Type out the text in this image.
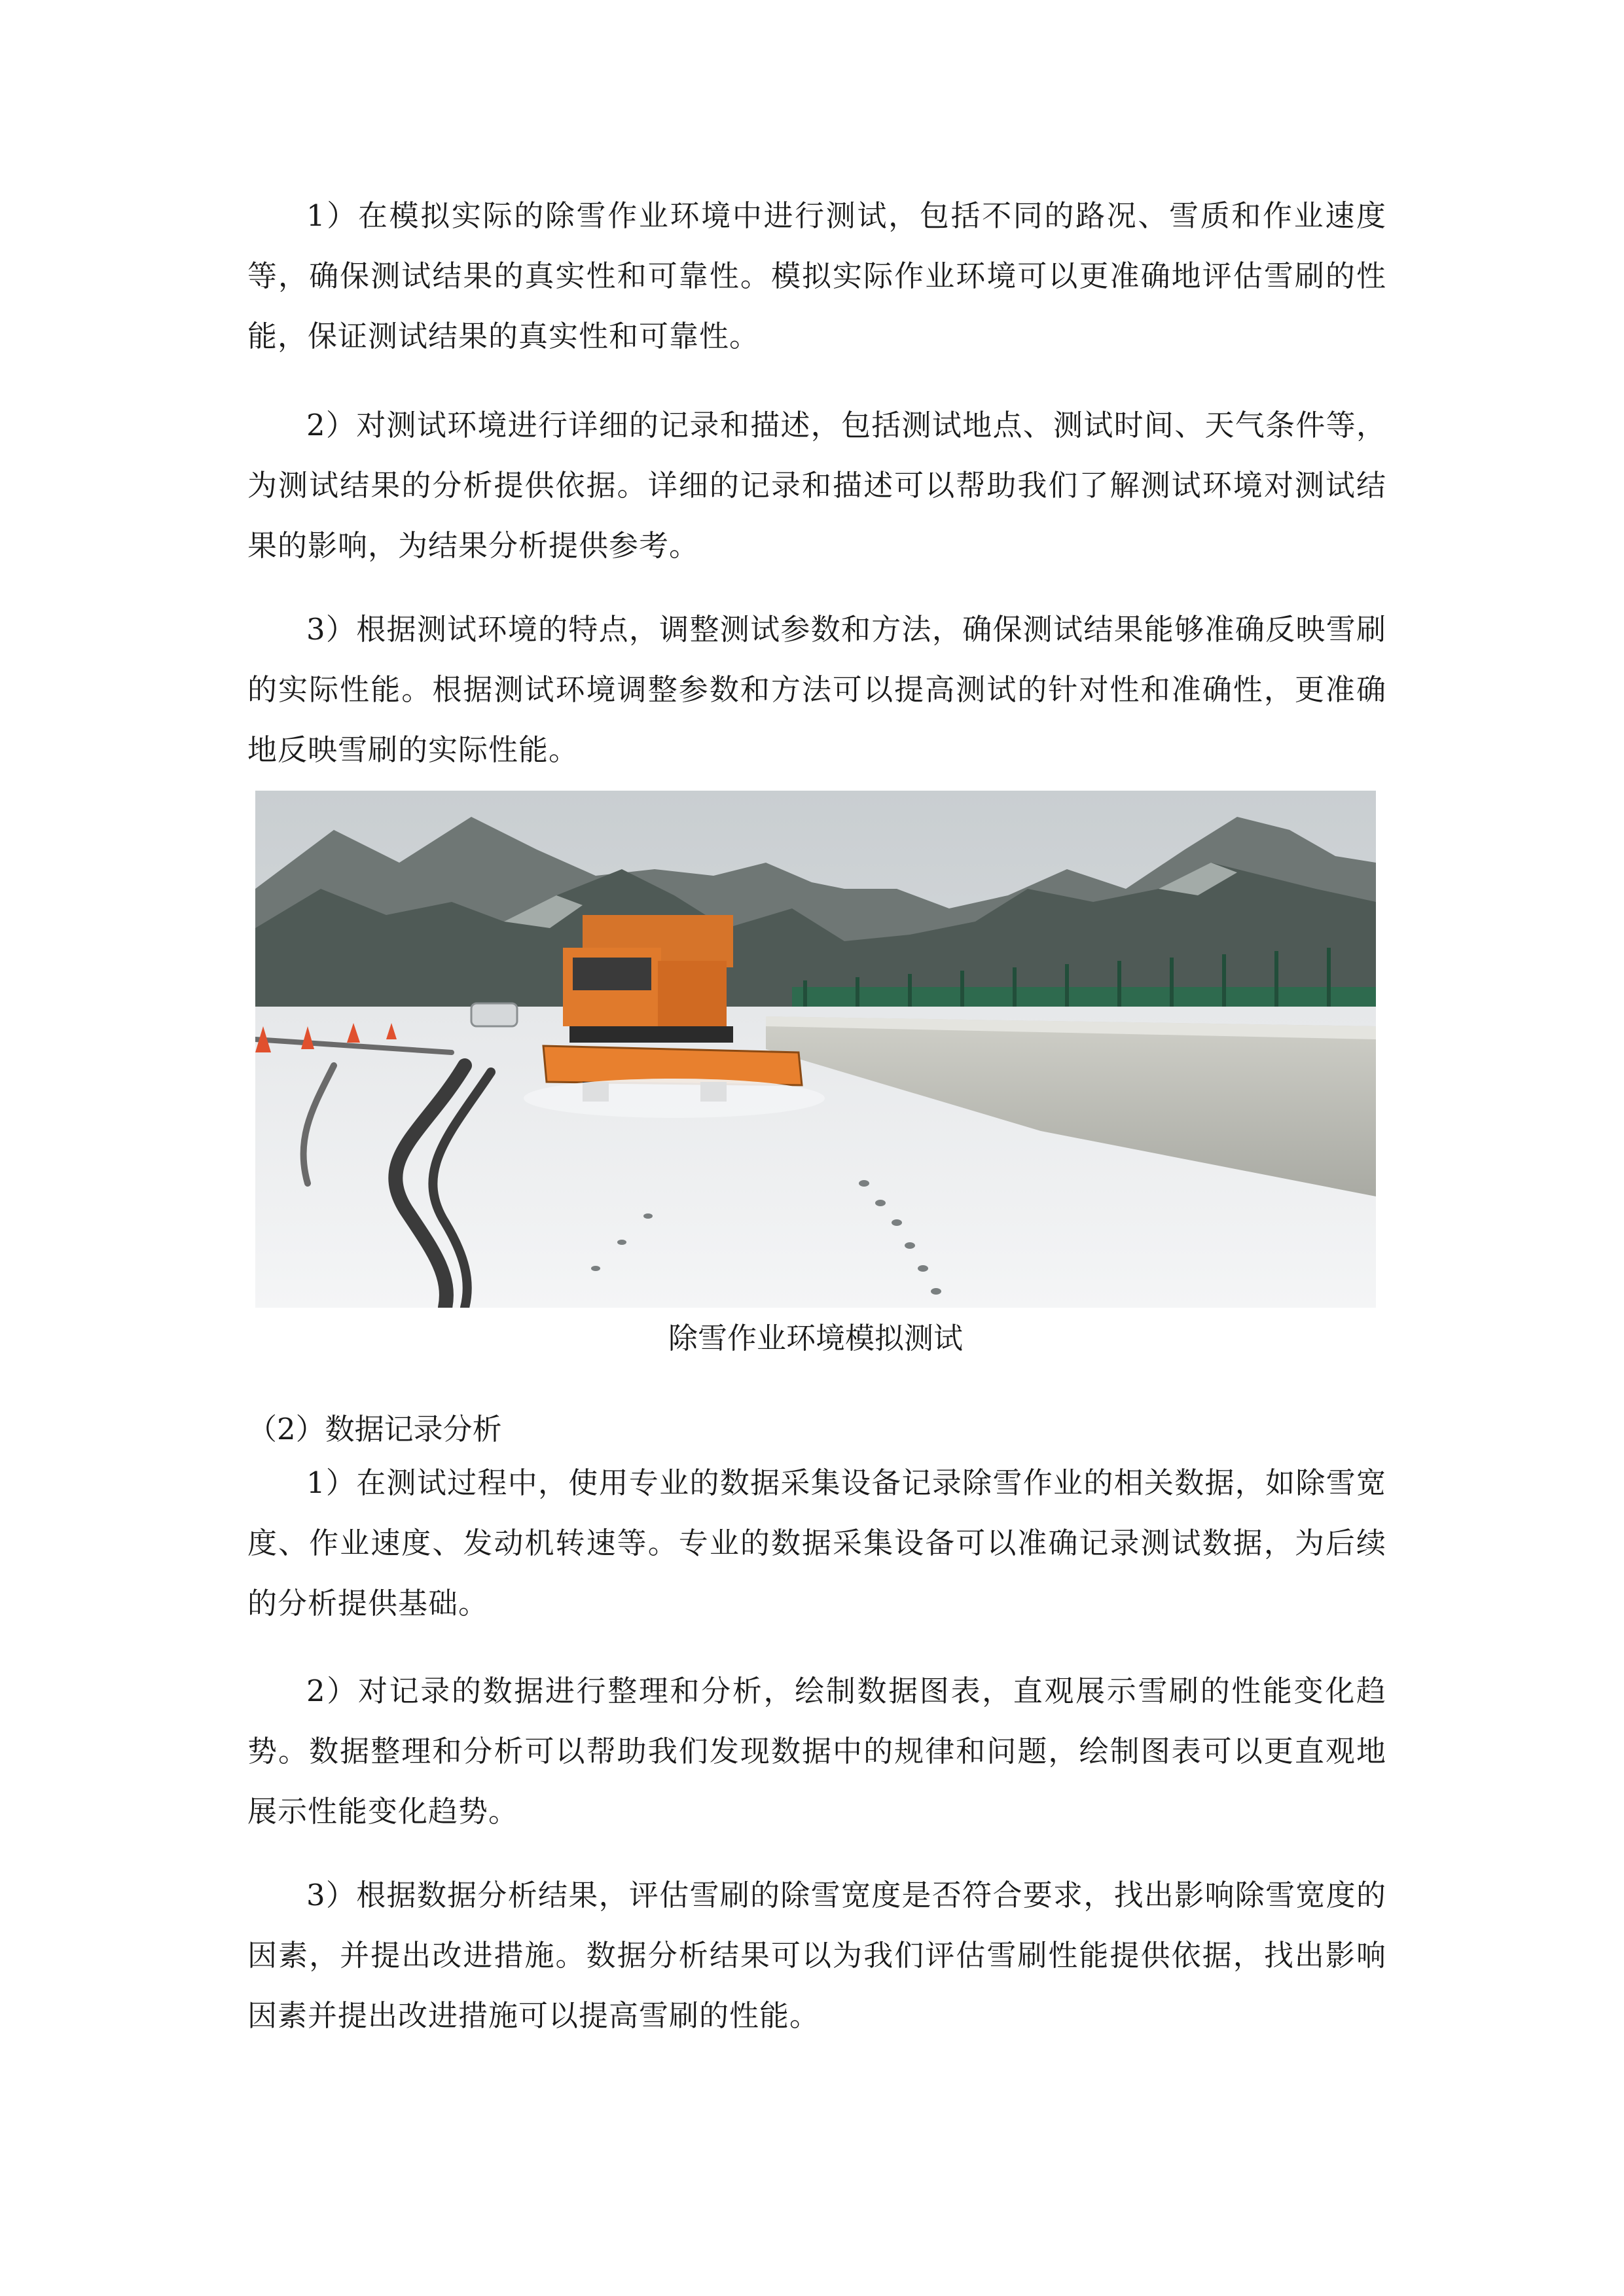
1）在模拟实际的除雪作业环境中进行测试，包括不同的路况、雪质和作业速度等，确保测试结果的真实性和可靠性。模拟实际作业环境可以更准确地评估雪刷的性能，保证测试结果的真实性和可靠性。

2）对测试环境进行详细的记录和描述，包括测试地点、测试时间、天气条件等，为测试结果的分析提供依据。详细的记录和描述可以帮助我们了解测试环境对测试结果的影响，为结果分析提供参考。

3）根据测试环境的特点，调整测试参数和方法，确保测试结果能够准确反映雪刷的实际性能。根据测试环境调整参数和方法可以提高测试的针对性和准确性，更准确地反映雪刷的实际性能。

除雪作业环境模拟测试

（2）数据记录分析

1）在测试过程中，使用专业的数据采集设备记录除雪作业的相关数据，如除雪宽度、作业速度、发动机转速等。专业的数据采集设备可以准确记录测试数据，为后续的分析提供基础。

2）对记录的数据进行整理和分析，绘制数据图表，直观展示雪刷的性能变化趋势。数据整理和分析可以帮助我们发现数据中的规律和问题，绘制图表可以更直观地展示性能变化趋势。

3）根据数据分析结果，评估雪刷的除雪宽度是否符合要求，找出影响除雪宽度的因素，并提出改进措施。数据分析结果可以为我们评估雪刷性能提供依据，找出影响因素并提出改进措施可以提高雪刷的性能。
